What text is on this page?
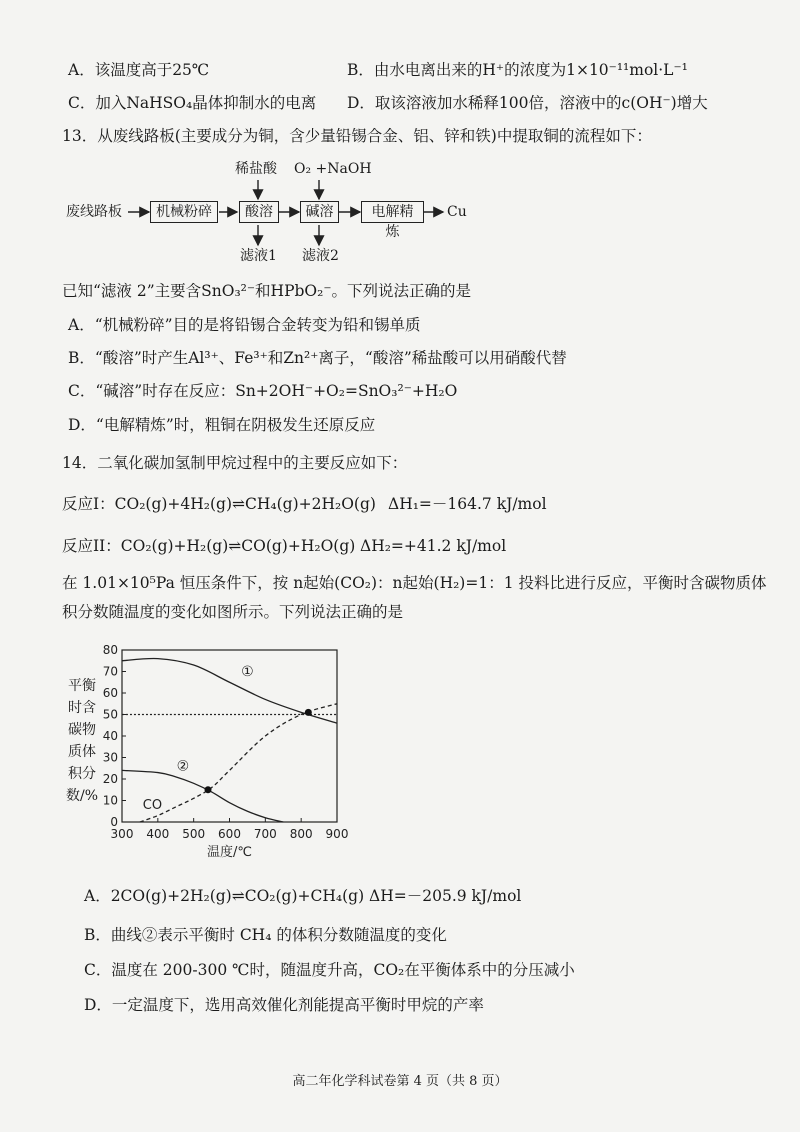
A．该温度高于25℃	B．由水电离出来的H⁺的浓度为1×10⁻¹¹mol·L⁻¹
C．加入NaHSO₄晶体抑制水的电离 D．取该溶液加水稀释100倍，溶液中的c(OH⁻)增大
13．从废线路板(主要成分为铜，含少量铅锡合金、铝、锌和铁)中提取铜的流程如下：
废线路板	机械粉碎	酸溶	碱溶	电解精炼
Cu
稀盐酸 O₂ +NaOH
滤液1 滤液2
已知“滤液 2”主要含SnO₃²⁻和HPbO₂⁻。下列说法正确的是
A．“机械粉碎”目的是将铅锡合金转变为铅和锡单质
B．“酸溶”时产生Al³⁺、Fe³⁺和Zn²⁺离子，“酸溶”稀盐酸可以用硝酸代替
C．“碱溶”时存在反应：Sn+2OH⁻+O₂=SnO₃²⁻+H₂O
D．“电解精炼”时，粗铜在阴极发生还原反应
14．二氧化碳加氢制甲烷过程中的主要反应如下：
反应I：CO₂(g)+4H₂(g)⇌CH₄(g)+2H₂O(g) ΔH₁=－164.7 kJ/mol
反应II：CO₂(g)+H₂(g)⇌CO(g)+H₂O(g) ΔH₂=+41.2 kJ/mol
在 1.01×10⁵Pa 恒压条件下，按 n起始(CO₂)：n起始(H₂)=1：1 投料比进行反应，平衡时含碳物质体
积分数随温度的变化如图所示。下列说法正确的是
平衡
时含
碳物
质体
积分
数/%
0
10
20
30
40
50
60
70
80
300 400 500 600 700 800 900
温度/℃
①
②
CO
A．2CO(g)+2H₂(g)⇌CO₂(g)+CH₄(g) ΔH=－205.9 kJ/mol
B．曲线②表示平衡时 CH₄ 的体积分数随温度的变化
C．温度在 200-300 ℃时，随温度升高，CO₂在平衡体系中的分压减小
D．一定温度下，选用高效催化剂能提高平衡时甲烷的产率
高二年化学科试卷第 4 页（共 8 页）
